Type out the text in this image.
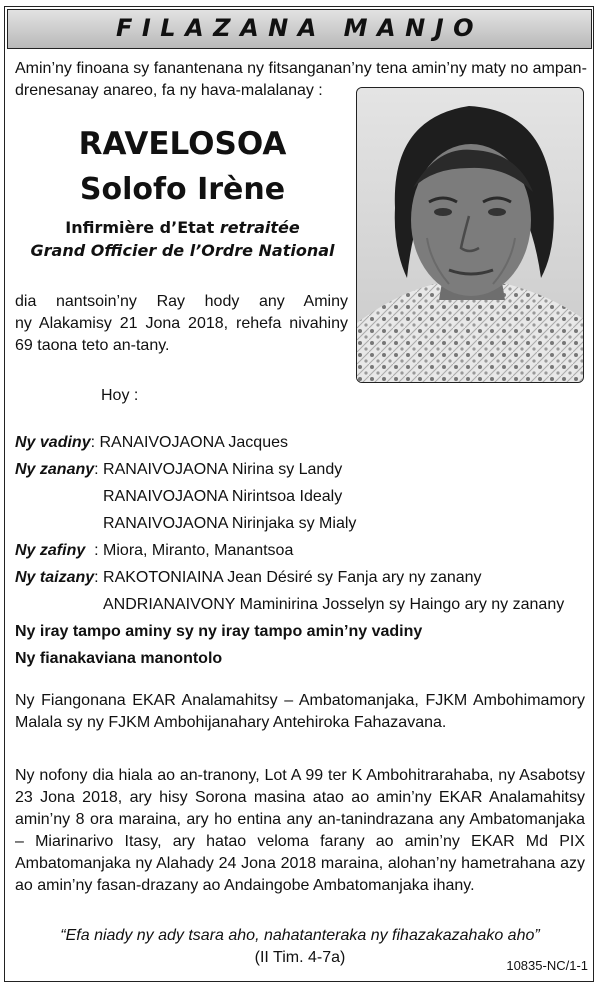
FILAZANA MANJO
Amin’ny finoana sy fanantenana ny fitsanganan’ny tena amin’ny maty no ampan-
drenesanay anareo, fa ny hava-malalanay :
RAVELOSOA
Solofo Irène
Infirmière d’Etat retraitée
Grand Officier de l’Ordre National
dia nantsoin’ny Ray hody any Aminy
ny Alakamisy 21 Jona 2018, rehefa nivahiny
69 taona teto an-tany.
Hoy :
Ny vadiny: RANAIVOJAONA Jacques
Ny zanany: RANAIVOJAONA Nirina sy Landy
RANAIVOJAONA Nirintsoa Idealy
RANAIVOJAONA Nirinjaka sy Mialy
Ny zafiny  : Miora, Miranto, Manantsoa
Ny taizany: RAKOTONIAINA Jean Désiré sy Fanja ary ny zanany
ANDRIANAIVONY Maminirina Josselyn sy Haingo ary ny zanany
Ny iray tampo aminy sy ny iray tampo amin’ny vadiny
Ny fianakaviana manontolo
Ny Fiangonana EKAR Analamahitsy – Ambatomanjaka, FJKM Ambohimamory
Malala sy ny FJKM Ambohijanahary Antehiroka Fahazavana.
Ny nofony dia hiala ao an-tranony, Lot A 99 ter K Ambohitrarahaba, ny Asabotsy
23 Jona 2018, ary hisy Sorona masina atao ao amin’ny EKAR Analamahitsy
amin’ny 8 ora maraina, ary ho entina any an-tanindrazana any Ambatomanjaka
– Miarinarivo Itasy, ary hatao veloma farany ao amin’ny EKAR Md PIX
Ambatomanjaka ny Alahady 24 Jona 2018 maraina, alohan’ny hametrahana azy
ao amin’ny fasan-drazany ao Andaingobe Ambatomanjaka ihany.
“Efa niady ny ady tsara aho, nahatanteraka ny fihazakazahako aho”
(II Tim. 4-7a)	10835-NC/1-1
